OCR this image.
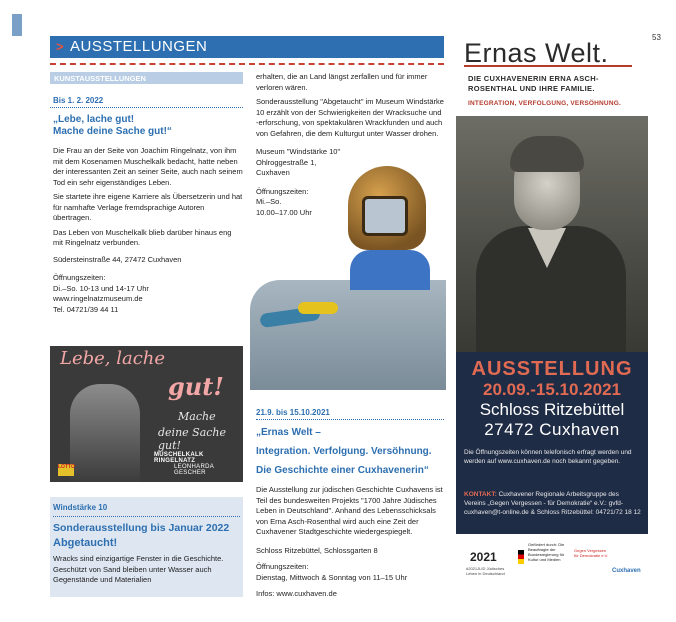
53
> AUSSTELLUNGEN
KUNSTAUSSTELLUNGEN
Bis 1. 2. 2022
„Lebe, lache gut!
Mache deine Sache gut!“

Die Frau an der Seite von Joachim Ringelnatz, von ihm mit dem Kosenamen Muschelkalk bedacht, hatte neben der interessanten Zeit an seiner Seite, auch nach seinem Tod ein sehr eigenständiges Leben.

Sie startete ihre eigene Karriere als Übersetzerin und hat für namhafte Verlage fremdsprachige Autoren übertragen.

Das Leben von Muschelkalk blieb darüber hinaus eng mit Ringelnatz verbunden.

Südersteinstraße 44, 27472 Cuxhaven

Öffnungszeiten:

Di.–So. 10-13 und 14-17 Uhr

www.ringelnatzmuseum.de

Tel. 04721/39 44 11

Lebe, lache
gut!
Mache
deine Sache gut!
MUSCHELKALK RINGELNATZ
LEONHARDA GESCHER
LOTTO
Windstärke 10
Sonderausstellung bis Januar 2022
Abgetaucht!

Wracks sind einzigartige Fenster in die Geschichte. Geschützt von Sand bleiben unter Wasser auch Gegenstände und Materialien

erhalten, die an Land längst zerfallen und für immer verloren wären.

Sonderausstellung "Abgetaucht" im Museum Windstärke 10 erzählt von der Schwierigkeiten der Wracksuche und -erforschung, von spektakulären Wrackfunden und auch von Gefahren, die dem Kulturgut unter Wasser drohen.

Museum "Windstärke 10"

Ohlroggestraße 1,

Cuxhaven

Öffnungszeiten:

Mi.–So.

10.00–17.00 Uhr

21.9. bis 15.10.2021
„Ernas Welt –
Integration. Verfolgung. Versöhnung.
Die Geschichte einer Cuxhavenerin“

Die Ausstellung zur jüdischen Geschichte Cuxhavens ist Teil des bundesweiten Projekts "1700 Jahre Jüdisches Leben in Deutschland". Anhand des Lebensschicksals von Erna Asch-Rosenthal wird auch eine Zeit der Cuxhavener Stadtgeschichte wiedergespiegelt.

Schloss Ritzebüttel, Schlossgarten 8

Öffnungszeiten:

Dienstag, Mittwoch & Sonntag von 11–15 Uhr

Infos: www.cuxhaven.de

Ernas Welt.
DIE CUXHAVENERIN ERNA ASCH-
ROSENTHAL UND IHRE FAMILIE.
INTEGRATION, VERFOLGUNG, VERSÖHNUNG.
AUSSTELLUNG
20.09.-15.10.2021
Schloss Ritzebüttel
27472 Cuxhaven
Die Öffnungszeiten können telefonisch erfragt werden und werden auf www.cuxhaven.de noch bekannt gegeben.
KONTAKT: Cuxhavener Regionale Arbeitsgruppe des Vereins „Gegen Vergessen - für Demokratie“ e.V.: gvfd-cuxhaven@t-online.de & Schloss Ritzebüttel: 04721/72 18 12
2021
#2021JLID Jüdisches Leben in Deutschland
Gefördert durch: Die Beauftragte der Bundesregierung für Kultur und Medien
Gegen Vergessen für Demokratie e.V.
Cuxhaven
